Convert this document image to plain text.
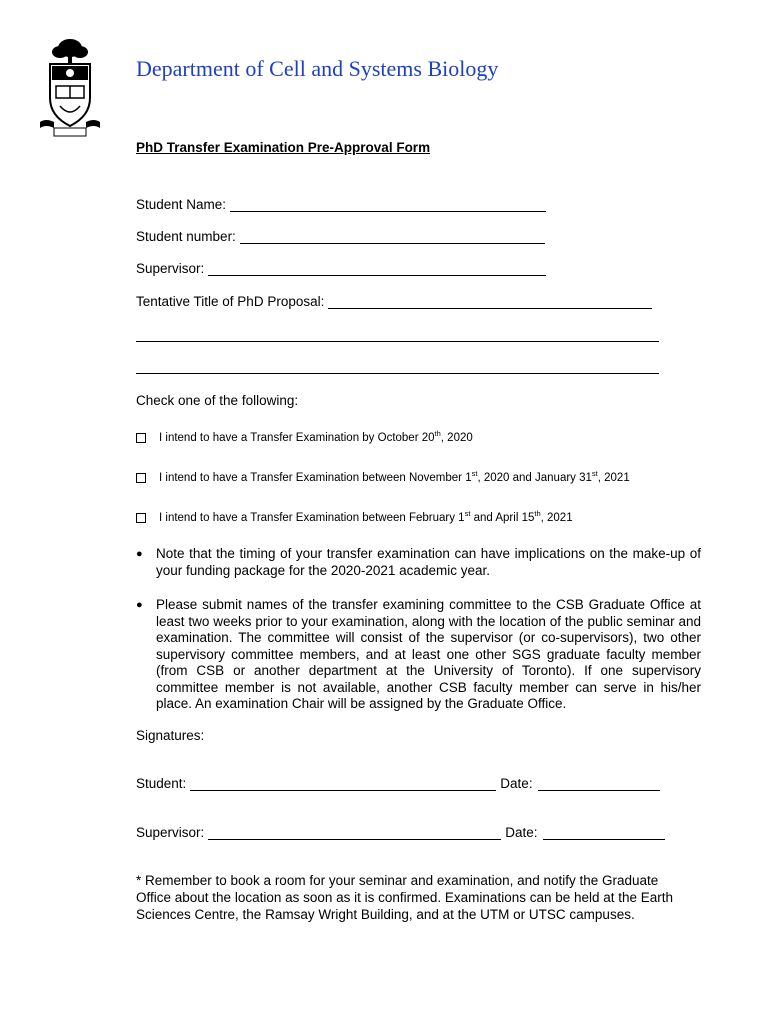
Department of Cell and Systems Biology
PhD Transfer Examination Pre-Approval Form
Student Name:
Student number:
Supervisor:
Tentative Title of PhD Proposal:
Check one of the following:
I intend to have a Transfer Examination by October 20th, 2020
I intend to have a Transfer Examination between November 1st, 2020 and January 31st, 2021
I intend to have a Transfer Examination between February 1st and April 15th, 2021
● Note that the timing of your transfer examination can have implications on the make-up of your funding package for the 2020-2021 academic year.
● Please submit names of the transfer examining committee to the CSB Graduate Office at least two weeks prior to your examination, along with the location of the public seminar and examination. The committee will consist of the supervisor (or co-supervisors), two other supervisory committee members, and at least one other SGS graduate faculty member (from CSB or another department at the University of Toronto). If one supervisory committee member is not available, another CSB faculty member can serve in his/her place. An examination Chair will be assigned by the Graduate Office.
Signatures:
Student:	Date:
Supervisor:	Date:
* Remember to book a room for your seminar and examination, and notify the Graduate Office about the location as soon as it is confirmed. Examinations can be held at the Earth Sciences Centre, the Ramsay Wright Building, and at the UTM or UTSC campuses.
